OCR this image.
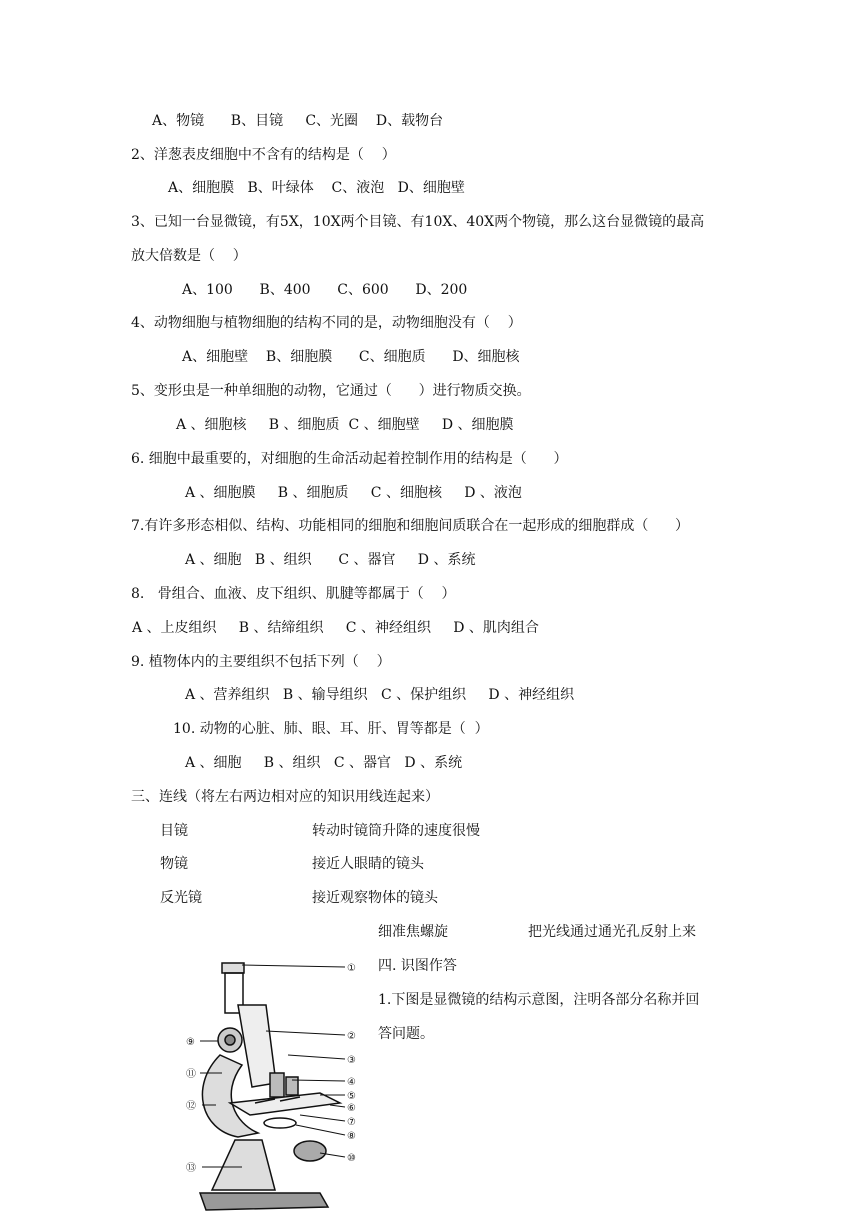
A、物镜      B、目镜     C、光圈    D、载物台
2、洋葱表皮细胞中不含有的结构是（    ）
A、细胞膜   B、叶绿体    C、液泡   D、细胞壁
3、已知一台显微镜，有5X，10X两个目镜、有10X、40X两个物镜，那么这台显微镜的最高
放大倍数是（    ）
A、100      B、400      C、600      D、200
4、动物细胞与植物细胞的结构不同的是，动物细胞没有（    ）
A、细胞壁    B、细胞膜      C、细胞质      D、细胞核
5、变形虫是一种单细胞的动物，它通过（      ）进行物质交换。
A 、细胞核     B 、细胞质  C 、细胞壁     D 、细胞膜
6. 细胞中最重要的，对细胞的生命活动起着控制作用的结构是（      ）
A 、细胞膜     B 、细胞质     C 、细胞核     D 、液泡
7.有许多形态相似、结构、功能相同的细胞和细胞间质联合在一起形成的细胞群成（      ）
A 、细胞   B 、组织      C 、器官     D 、系统
8.   骨组合、血液、皮下组织、肌腱等都属于（    ）
A 、上皮组织     B 、结缔组织     C 、神经组织     D 、肌肉组合
9. 植物体内的主要组织不包括下列（    ）
A 、营养组织   B 、输导组织   C 、保护组织     D 、神经组织
10. 动物的心脏、肺、眼、耳、肝、胃等都是（  ）
A 、细胞     B 、组织   C 、器官   D 、系统
三、连线（将左右两边相对应的知识用线连起来）
目镜	转动时镜筒升降的速度很慢
物镜	接近人眼睛的镜头
反光镜	接近观察物体的镜头
细准焦螺旋	把光线通过通光孔反射上来
四. 识图作答
1.下图是显微镜的结构示意图，注明各部分名称并回
答问题。
①
②
③
④
⑤
⑥
⑦
⑧
⑩
⑨
⑪
⑫
⑬
